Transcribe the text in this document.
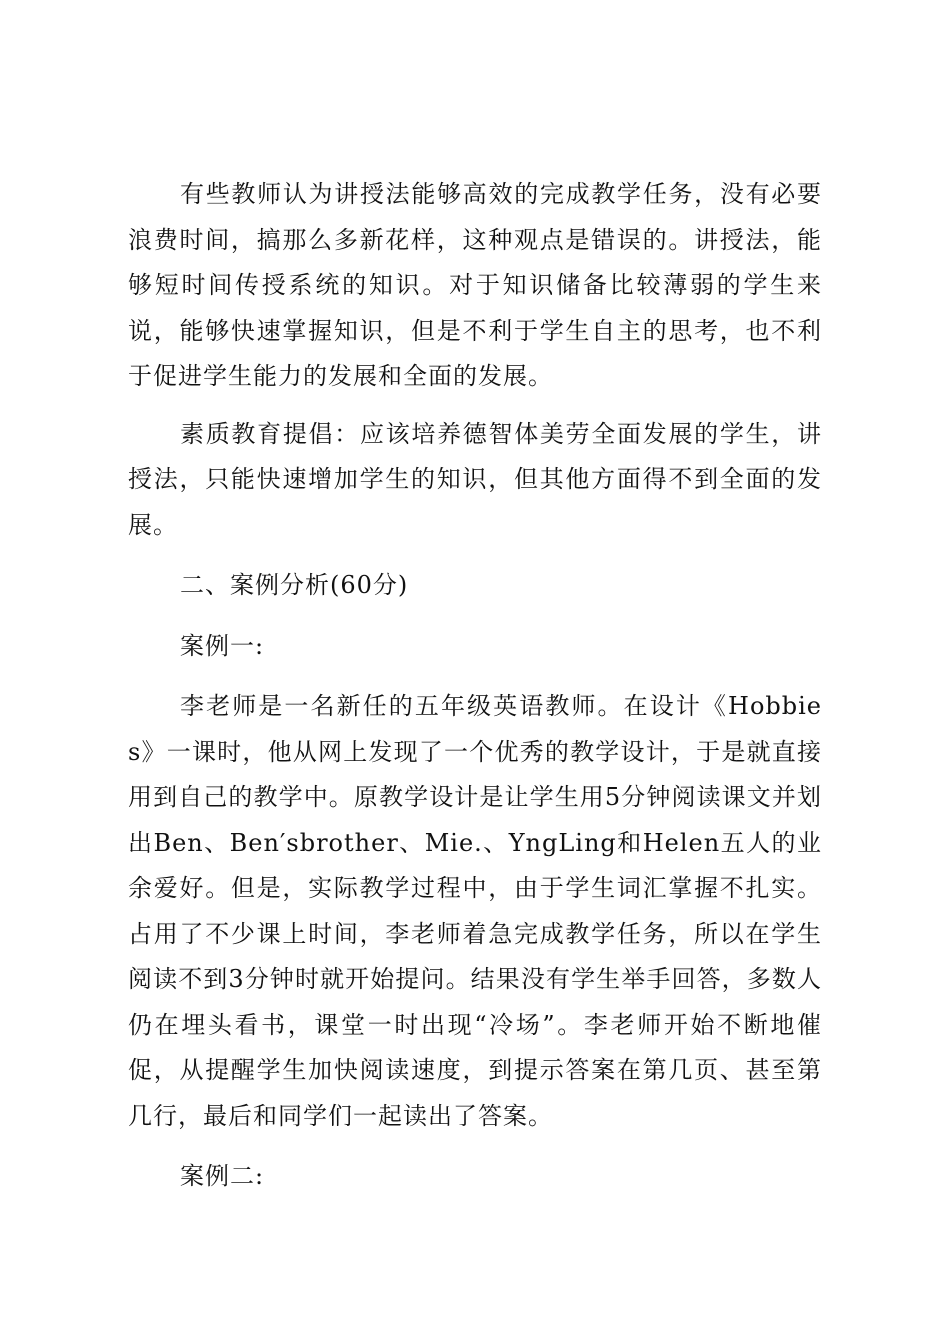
有些教师认为讲授法能够高效的完成教学任务，没有必要浪费时间，搞那么多新花样，这种观点是错误的。讲授法，能够短时间传授系统的知识。对于知识储备比较薄弱的学生来说，能够快速掌握知识，但是不利于学生自主的思考，也不利于促进学生能力的发展和全面的发展。

素质教育提倡：应该培养德智体美劳全面发展的学生，讲授法，只能快速增加学生的知识，但其他方面得不到全面的发展。

二、案例分析(60分)

案例一:

李老师是一名新任的五年级英语教师。在设计《Hobbies》一课时，他从网上发现了一个优秀的教学设计，于是就直接用到自己的教学中。原教学设计是让学生用5分钟阅读课文并划出Ben、Ben′sbrother、Mie.、YngLing和Helen五人的业余爱好。但是，实际教学过程中，由于学生词汇掌握不扎实。占用了不少课上时间，李老师着急完成教学任务，所以在学生阅读不到3分钟时就开始提问。结果没有学生举手回答，多数人仍在埋头看书，课堂一时出现“冷场”。李老师开始不断地催促，从提醒学生加快阅读速度，到提示答案在第几页、甚至第几行，最后和同学们一起读出了答案。

案例二:
